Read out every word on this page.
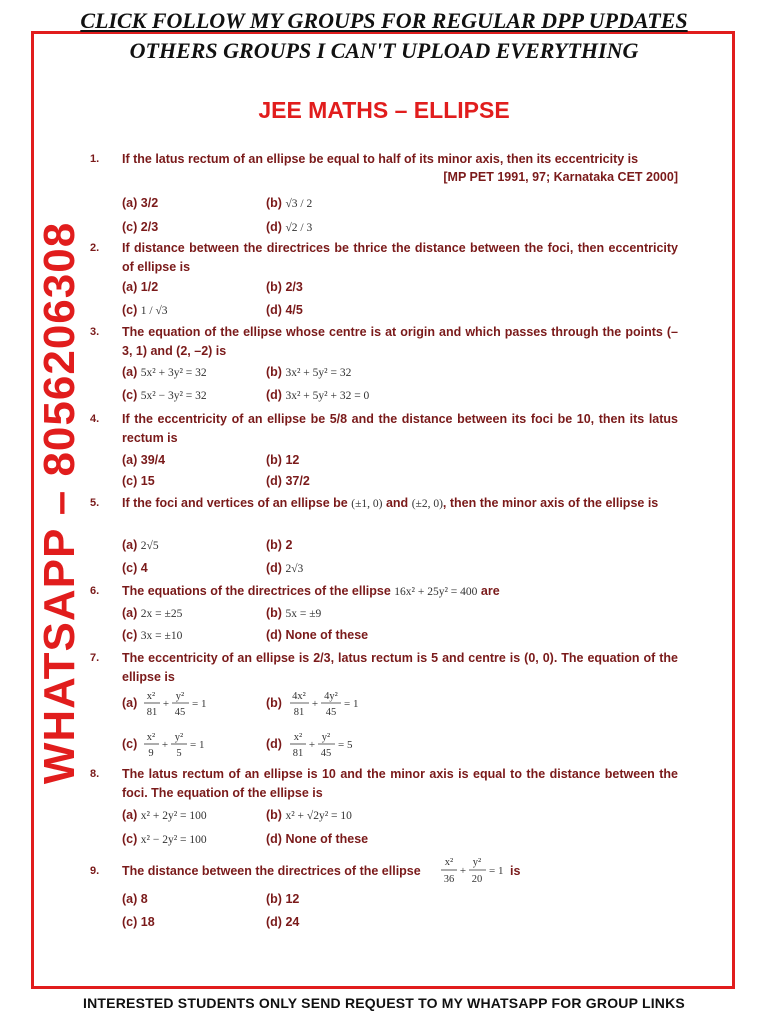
CLICK FOLLOW MY GROUPS FOR REGULAR DPP UPDATES
OTHERS GROUPS I CAN'T UPLOAD EVERYTHING
JEE MATHS – ELLIPSE
WHATSAPP – 8056206308
1.	If the latus rectum of an ellipse be equal to half of its minor axis, then its eccentricity is
[MP PET 1991, 97; Karnataka CET 2000]
(a) 3/2	(b) √3 / 2
(c) 2/3	(d) √2 / 3
2.	If distance between the directrices be thrice the distance between the foci, then eccentricity of ellipse is
(a) 1/2	(b) 2/3
(c) 1 / √3	(d) 4/5
3.	The equation of the ellipse whose centre is at origin and which passes through the points (–3, 1) and (2, –2) is
(a) 5x² + 3y² = 32	(b) 3x² + 5y² = 32
(c) 5x² − 3y² = 32	(d) 3x² + 5y² + 32 = 0
4.	If the eccentricity of an ellipse be 5/8 and the distance between its foci be 10, then its latus rectum is
(a) 39/4	(b) 12
(c) 15	(d) 37/2
5.	If the foci and vertices of an ellipse be (±1, 0) and (±2, 0), then the minor axis of the ellipse is
(a) 2√5	(b) 2
(c) 4	(d) 2√3
6.	The equations of the directrices of the ellipse 16x² + 25y² = 400 are
(a) 2x = ±25	(b) 5x = ±9
(c) 3x = ±10	(d) None of these
7.	The eccentricity of an ellipse is 2/3, latus rectum is 5 and centre is (0, 0). The equation of the ellipse is
(a) x²
81
+
y²
45
= 1	(b) 4x²
81
+
4y²
45
= 1
(c) x²
9
+
y²
5
= 1	(d) x²
81
+
y²
45
= 5
8.	The latus rectum of an ellipse is 10 and the minor axis is equal to the distance between the foci. The equation of the ellipse is
(a) x² + 2y² = 100	(b) x² + √2y² = 10
(c) x² − 2y² = 100	(d) None of these
9.	The distance between the directrices of the ellipse
x²
36
+
y²
20
= 1 is
(a) 8	(b) 12
(c) 18	(d) 24
INTERESTED STUDENTS ONLY SEND REQUEST TO MY WHATSAPP FOR GROUP LINKS
